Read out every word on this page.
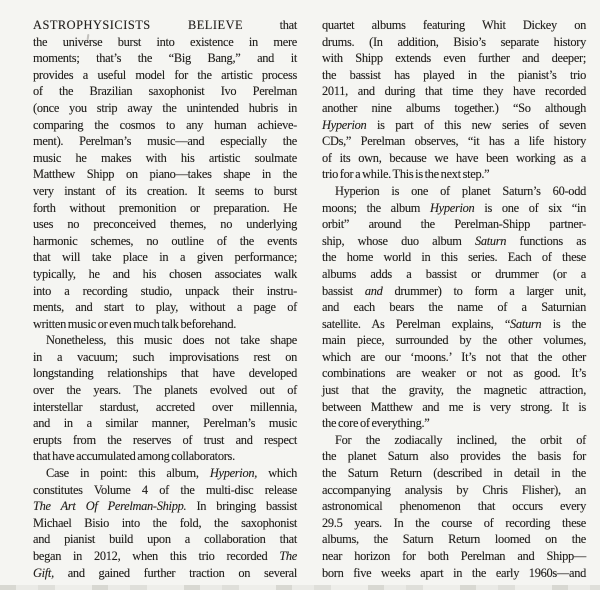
ASTROPHYSICISTS BELIEVE that
the universe burst into existence in mere
moments; that’s the “Big Bang,” and it
provides a useful model for the artistic process
of the Brazilian saxophonist Ivo Perelman
(once you strip away the unintended hubris in
comparing the cosmos to any human achieve-
ment). Perelman’s music—and especially the
music he makes with his artistic soulmate
Matthew Shipp on piano—takes shape in the
very instant of its creation. It seems to burst
forth without premonition or preparation. He
uses no preconceived themes, no underlying
harmonic schemes, no outline of the events
that will take place in a given performance;
typically, he and his chosen associates walk
into a recording studio, unpack their instru-
ments, and start to play, without a page of
written music or even much talk beforehand.
Nonetheless, this music does not take shape
in a vacuum; such improvisations rest on
longstanding relationships that have developed
over the years. The planets evolved out of
interstellar stardust, accreted over millennia,
and in a similar manner, Perelman’s music
erupts from the reserves of trust and respect
that have accumulated among collaborators.
Case in point: this album, Hyperion, which
constitutes Volume 4 of the multi-disc release
The Art Of Perelman-Shipp. In bringing bassist
Michael Bisio into the fold, the saxophonist
and pianist build upon a collaboration that
began in 2012, when this trio recorded The
Gift, and gained further traction on several
quartet albums featuring Whit Dickey on
drums. (In addition, Bisio’s separate history
with Shipp extends even further and deeper;
the bassist has played in the pianist’s trio
2011, and during that time they have recorded
another nine albums together.) “So although
Hyperion is part of this new series of seven
CDs,” Perelman observes, “it has a life history
of its own, because we have been working as a
trio for a while. This is the next step.”
Hyperion is one of planet Saturn’s 60-odd
moons; the album Hyperion is one of six “in
orbit” around the Perelman-Shipp partner-
ship, whose duo album Saturn functions as
the home world in this series. Each of these
albums adds a bassist or drummer (or a
bassist and drummer) to form a larger unit,
and each bears the name of a Saturnian
satellite. As Perelman explains, “Saturn is the
main piece, surrounded by the other volumes,
which are our ‘moons.’ It’s not that the other
combinations are weaker or not as good. It’s
just that the gravity, the magnetic attraction,
between Matthew and me is very strong. It is
the core of everything.”
For the zodiacally inclined, the orbit of
the planet Saturn also provides the basis for
the Saturn Return (described in detail in the
accompanying analysis by Chris Flisher), an
astronomical phenomenon that occurs every
29.5 years. In the course of recording these
albums, the Saturn Return loomed on the
near horizon for both Perelman and Shipp—
born five weeks apart in the early 1960s—and
